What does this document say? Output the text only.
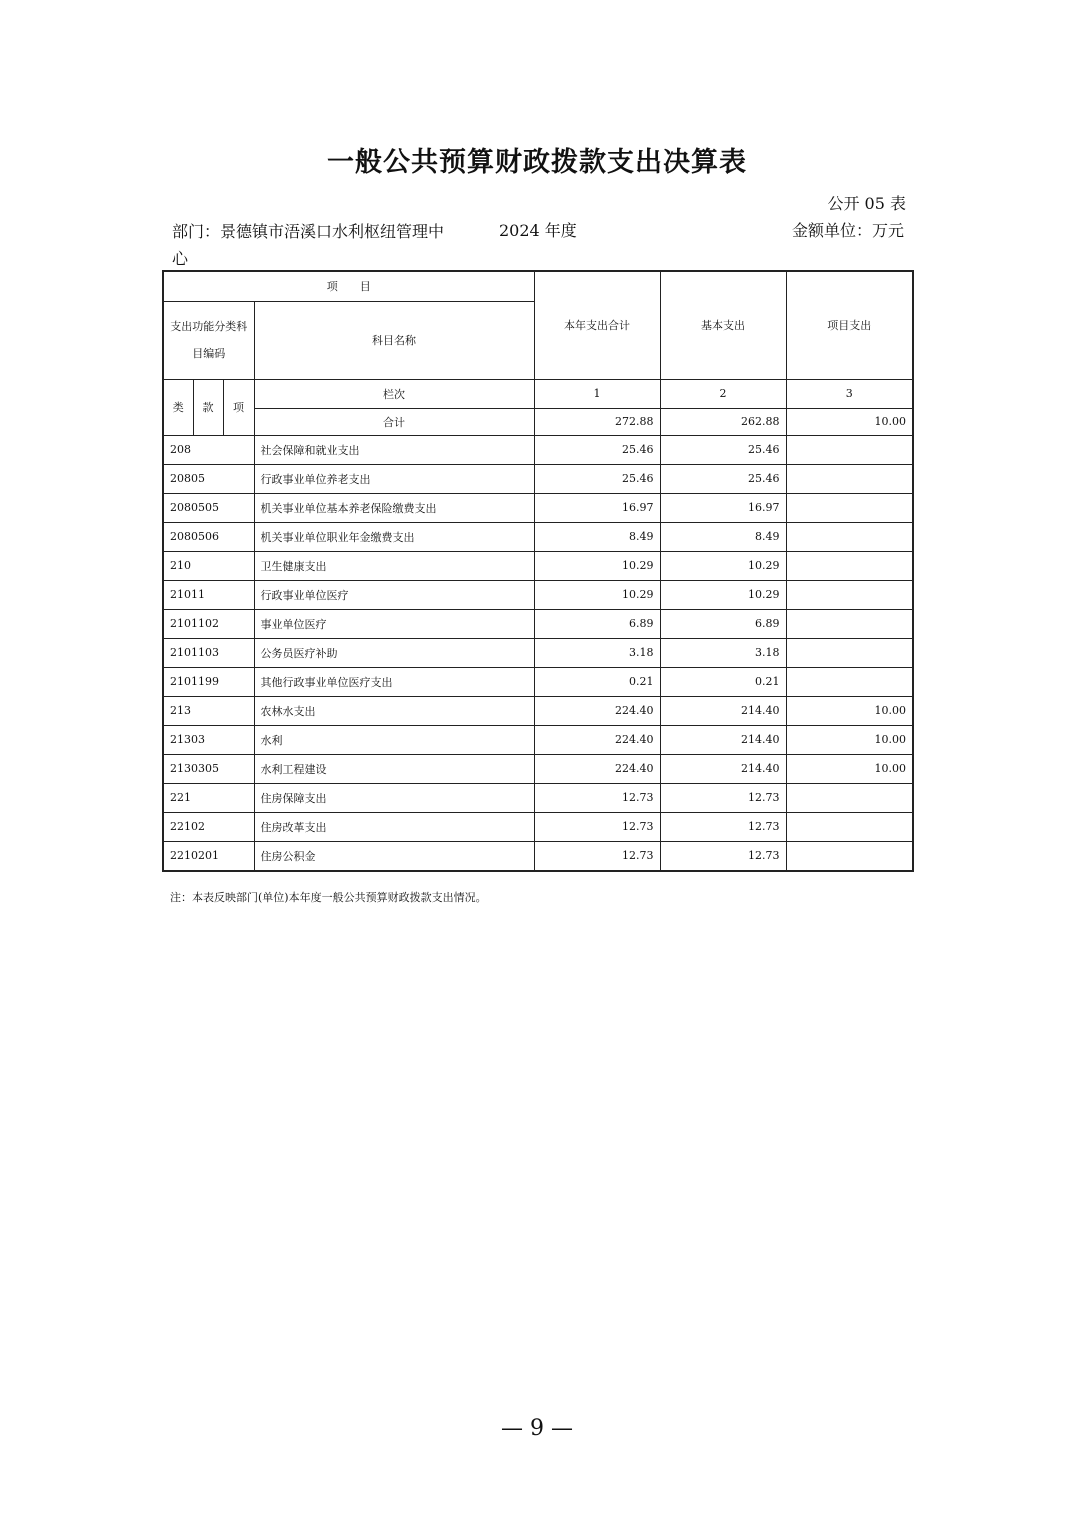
一般公共预算财政拨款支出决算表
公开 05 表
部门：景德镇市浯溪口水利枢纽管理中心
2024 年度	金额单位：万元
项　　目				本年支出合计	基本支出	项目支出
支出功能分类科目编码			科目名称			
类	款	项	栏次	1	2	3
			合计	272.88	262.88	10.00
208			社会保障和就业支出	25.46	25.46	
20805			行政事业单位养老支出	25.46	25.46	
2080505			机关事业单位基本养老保险缴费支出	16.97	16.97	
2080506			机关事业单位职业年金缴费支出	8.49	8.49	
210			卫生健康支出	10.29	10.29	
21011			行政事业单位医疗	10.29	10.29	
2101102			事业单位医疗	6.89	6.89	
2101103			公务员医疗补助	3.18	3.18	
2101199			其他行政事业单位医疗支出	0.21	0.21	
213			农林水支出	224.40	214.40	10.00
21303			水利	224.40	214.40	10.00
2130305			水利工程建设	224.40	214.40	10.00
221			住房保障支出	12.73	12.73	
22102			住房改革支出	12.73	12.73	
2210201			住房公积金	12.73	12.73	
注：本表反映部门(单位)本年度一般公共预算财政拨款支出情况。
— 9 —
